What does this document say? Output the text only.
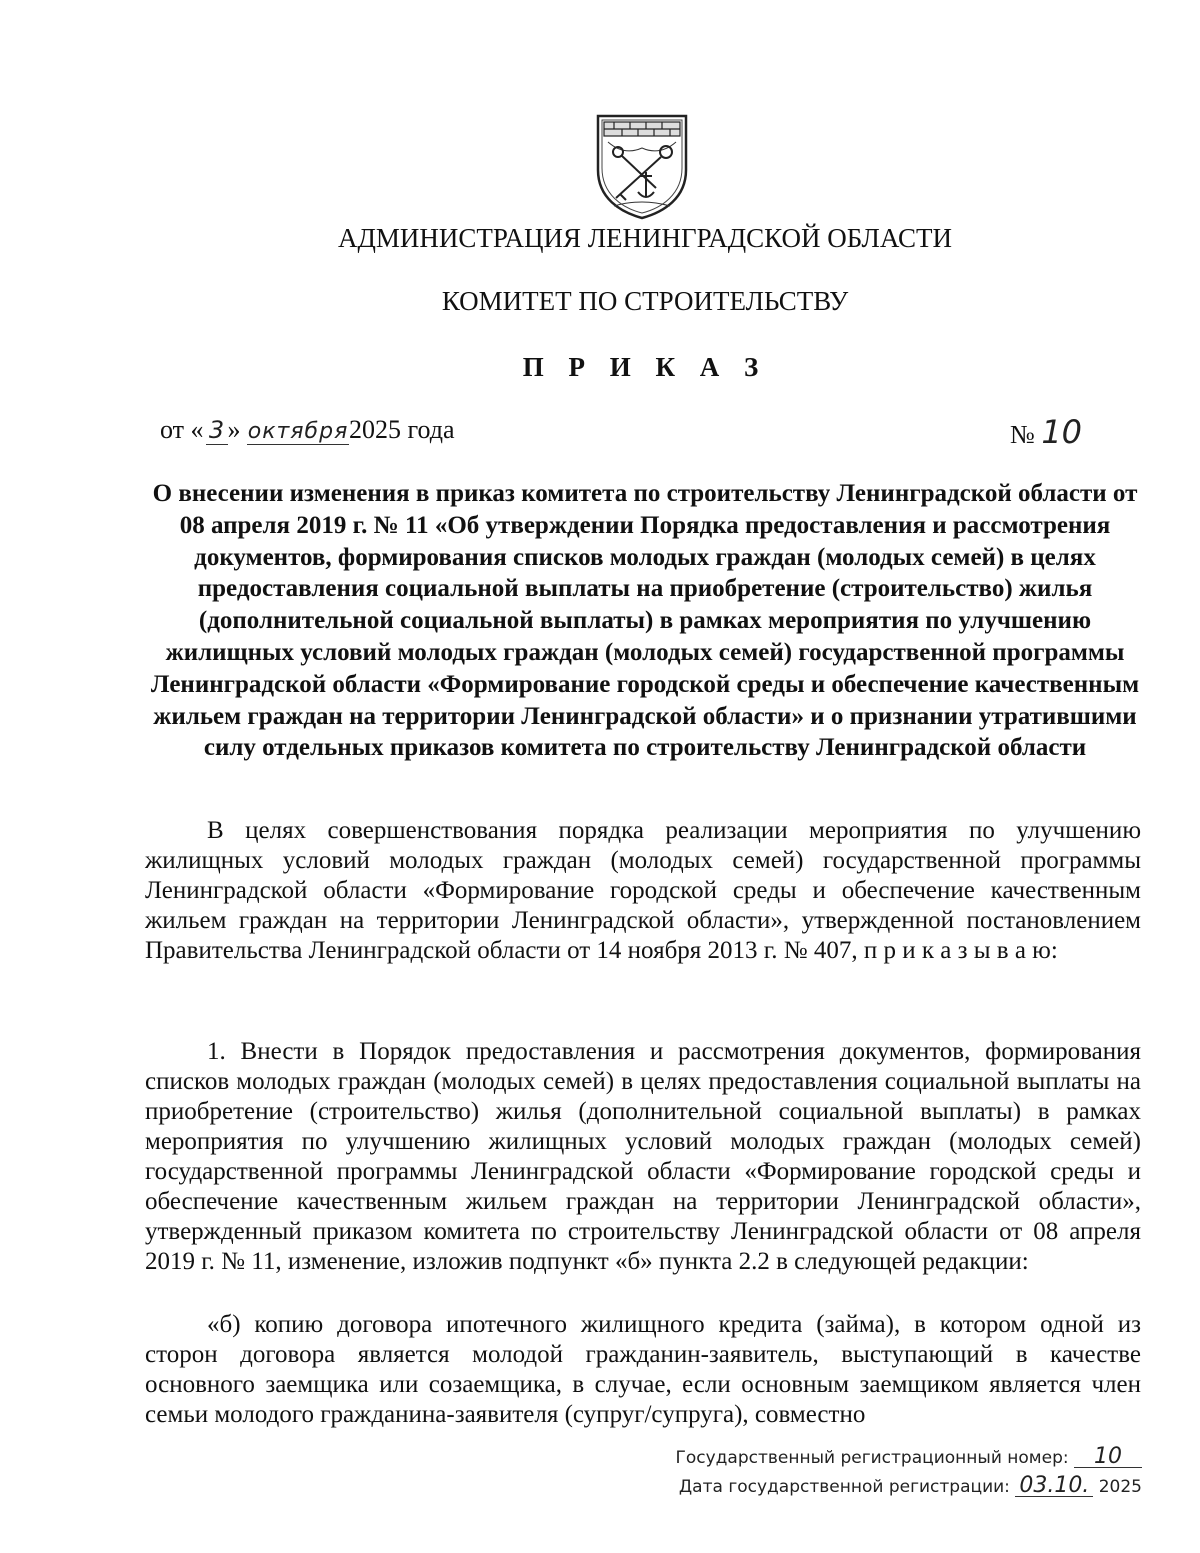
АДМИНИСТРАЦИЯ ЛЕНИНГРАДСКОЙ ОБЛАСТИ
КОМИТЕТ ПО СТРОИТЕЛЬСТВУ
П Р И К А З
от « 3 » октября2025 года	№ 10
О внесении изменения в приказ комитета по строительству Ленинградской области от 08 апреля 2019 г. № 11 «Об утверждении Порядка предоставления и рассмотрения документов, формирования списков молодых граждан (молодых семей) в целях предоставления социальной выплаты на приобретение (строительство) жилья (дополнительной социальной выплаты) в рамках мероприятия по улучшению жилищных условий молодых граждан (молодых семей) государственной программы Ленинградской области «Формирование городской среды и обеспечение качественным жильем граждан на территории Ленинградской области» и о признании утратившими силу отдельных приказов комитета по строительству Ленинградской области

В целях совершенствования порядка реализации мероприятия по улучшению жилищных условий молодых граждан (молодых семей) государственной программы Ленинградской области «Формирование городской среды и обеспечение качественным жильем граждан на территории Ленинградской области», утвержденной постановлением Правительства Ленинградской области от 14 ноября 2013 г. № 407, п р и к а з ы в а ю:

1. Внести в Порядок предоставления и рассмотрения документов, формирования списков молодых граждан (молодых семей) в целях предоставления социальной выплаты на приобретение (строительство) жилья (дополнительной социальной выплаты) в рамках мероприятия по улучшению жилищных условий молодых граждан (молодых семей) государственной программы Ленинградской области «Формирование городской среды и обеспечение качественным жильем граждан на территории Ленинградской области», утвержденный приказом комитета по строительству Ленинградской области от 08 апреля 2019 г. № 11, изменение, изложив подпункт «б» пункта 2.2 в следующей редакции:

«б) копию договора ипотечного жилищного кредита (займа), в котором одной из сторон договора является молодой гражданин-заявитель, выступающий в качестве основного заемщика или созаемщика, в случае, если основным заемщиком является член семьи молодого гражданина-заявителя (супруг/супруга), совместно

Государственный регистрационный номер: 10
Дата государственной регистрации: 03.10. 2025
